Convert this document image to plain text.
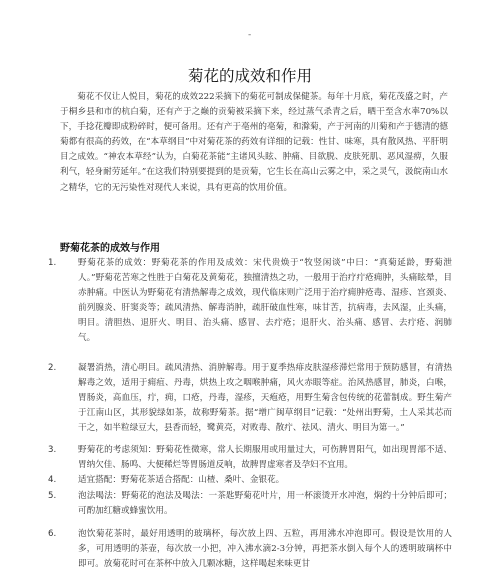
-
菊花的成效和作用
菊花不仅让人悦目，菊花的成效222采摘下的菊花可制成保健茶。每年十月底，菊花茂盛之时，产于桐乡县和市的杭白菊，还有产于之巅的贡菊被采摘下来，经过蒸气杀青之后，晒干至含水率70%以下，手捻花瓣即成粉碎时，便可备用。还有产于亳州的亳菊，和滁菊，产于河南的川菊和产于德清的德菊都有很高的药效，在“本草纲目”中对菊花茶的药效有详细的记载：性甘、味寒，具有散风热、平肝明目之成效。“神农本草经”认为，白菊花茶能“主诸风头眩、肿痛、目欲脱、皮肤死肌、恶风湿痹，久服利气，轻身耐劳延年。”在这我们特别要提到的是贡菊，它生长在高山云雾之中，采之灵气，汲皖南山水之精华，它的无污染性对现代人来说，具有更高的饮用价值。
野菊花茶的成效与作用
1.	野菊花茶的成效：野菊花茶的作用及成效：宋代贵焕于“牧竖闲谈”中曰：“真菊延龄，野菊泄人。”野菊花苦寒之性胜于白菊花及黄菊花，独擅清热之功，一般用于治疗疔疮痈肿，头痛眩晕，目赤肿痛。中医认为野菊花有清热解毒之成效，现代临床则广泛用于治疗痈肿疮毒、湿疹、宫颈炎、前列腺炎、肝窦炎等；疏风清热、解毒消肿，疏肝破血性寒，味甘苦，抗病毒，去风湿，止头痛，明目。清胆热、退肝火、明目、治头痛、感冒、去疔疮；退肝火、治头痛、感冒、去疔疮、润肺气。
2.	凝署消热，清心明目。疏风清热、消肿解毒。用于夏季热痱皮肤湿疹滞烂常用于预防感冒，有清热解毒之效，适用于痈疽、丹毒，烘热上攻之咽喉肿痛，风火赤眼等症。治风热感冒，肺炎，白喉，胃肠炎，高血压，疔，痈，口疮，丹毒，湿疹，天疱疮，用野生菊含包传统的花蕾制成。野生菊产于江南山区，其形貌绿如茶，故称野菊茶。据“增广闽草纲目”记载：“处州出野菊，土人采其芯而干之，如半粒绿豆大，县香而轻，鹭黄亮，对败毒、散疔、祛风、清火、明目为第一。”
3.	野菊花的考虑须知：野菊花性微寒，常人长期服用或用量过大，可伤脾胃阳气，如出现胃部不适、胃纳欠佳、肠鸣、大便稀烂等胃肠道反响，故脾胃虚寒者及孕妇不宜用。
4.	适宜搭配：野菊花茶适合搭配：山楂、桑叶、金银花。
5.	泡法喝法：野菊花的泡法及喝法：一茶匙野菊花叶片，用一杯滚烫开水冲泡，焖约十分钟后即可；可酌加红糖或蜂蜜饮用。
6.	泡饮菊花茶时，最好用透明的玻璃杯，每次放上四、五粒，再用沸水冲泡即可。假设是饮用的人多，可用透明的茶壶，每次放一小把，冲入沸水滴2-3分钟，再把茶水倒入每个人的透明玻璃杯中即可。放菊花时可在茶杯中放入几颗冰糖，这样喝起来味更甘
